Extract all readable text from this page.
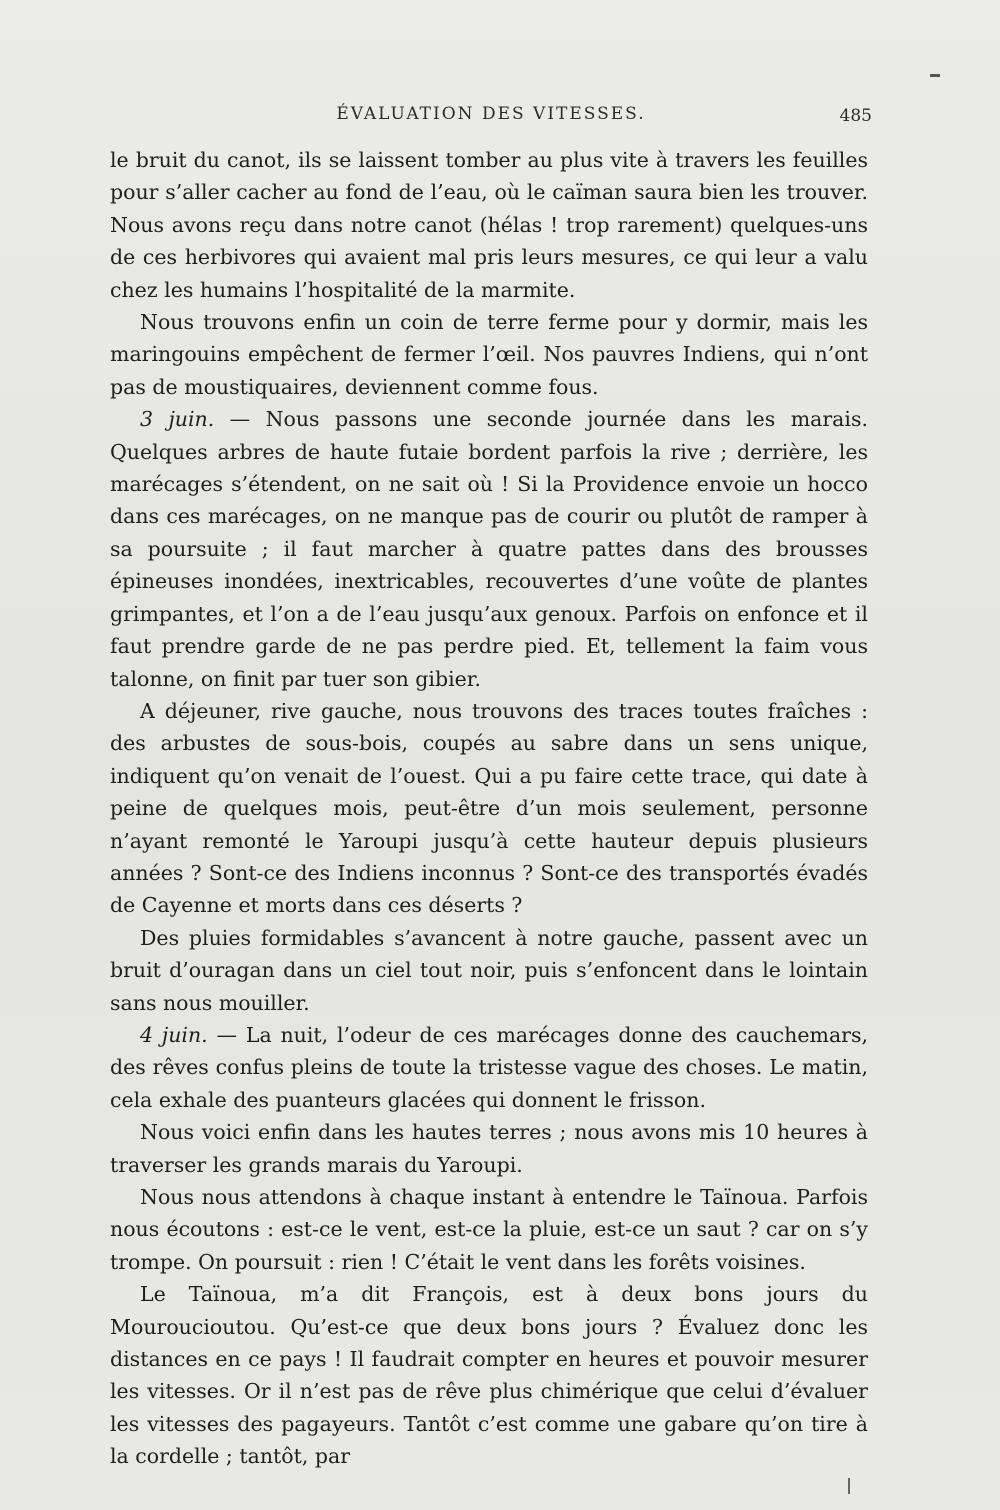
ÉVALUATION DES VITESSES.	485

le bruit du canot, ils se laissent tomber au plus vite à travers les feuilles pour s’aller cacher au fond de l’eau, où le caïman saura bien les trouver. Nous avons reçu dans notre canot (hélas ! trop rarement) quelques-uns de ces herbivores qui avaient mal pris leurs mesures, ce qui leur a valu chez les humains l’hospitalité de la marmite.

Nous trouvons enfin un coin de terre ferme pour y dormir, mais les maringouins empêchent de fermer l’œil. Nos pauvres Indiens, qui n’ont pas de moustiquaires, deviennent comme fous.

3 juin. — Nous passons une seconde journée dans les marais. Quelques arbres de haute futaie bordent parfois la rive ; derrière, les marécages s’étendent, on ne sait où ! Si la Providence envoie un hocco dans ces marécages, on ne manque pas de courir ou plutôt de ramper à sa poursuite ; il faut marcher à quatre pattes dans des brousses épineuses inondées, inextricables, recouvertes d’une voûte de plantes grimpantes, et l’on a de l’eau jusqu’aux genoux. Parfois on enfonce et il faut prendre garde de ne pas perdre pied. Et, tellement la faim vous talonne, on finit par tuer son gibier.

A déjeuner, rive gauche, nous trouvons des traces toutes fraîches : des arbustes de sous-bois, coupés au sabre dans un sens unique, indiquent qu’on venait de l’ouest. Qui a pu faire cette trace, qui date à peine de quelques mois, peut-être d’un mois seulement, personne n’ayant remonté le Yaroupi jusqu’à cette hauteur depuis plusieurs années ? Sont-ce des Indiens inconnus ? Sont-ce des transportés évadés de Cayenne et morts dans ces déserts ?

Des pluies formidables s’avancent à notre gauche, passent avec un bruit d’ouragan dans un ciel tout noir, puis s’enfoncent dans le lointain sans nous mouiller.

4 juin. — La nuit, l’odeur de ces marécages donne des cauchemars, des rêves confus pleins de toute la tristesse vague des choses. Le matin, cela exhale des puanteurs glacées qui donnent le frisson.

Nous voici enfin dans les hautes terres ; nous avons mis 10 heures à traverser les grands marais du Yaroupi.

Nous nous attendons à chaque instant à entendre le Taïnoua. Parfois nous écoutons : est-ce le vent, est-ce la pluie, est-ce un saut ? car on s’y trompe. On poursuit : rien ! C’était le vent dans les forêts voisines.

Le Taïnoua, m’a dit François, est à deux bons jours du Mouroucioutou. Qu’est-ce que deux bons jours ? Évaluez donc les distances en ce pays ! Il faudrait compter en heures et pouvoir mesurer les vitesses. Or il n’est pas de rêve plus chimérique que celui d’évaluer les vitesses des pagayeurs. Tantôt c’est comme une gabare qu’on tire à la cordelle ; tantôt, par
